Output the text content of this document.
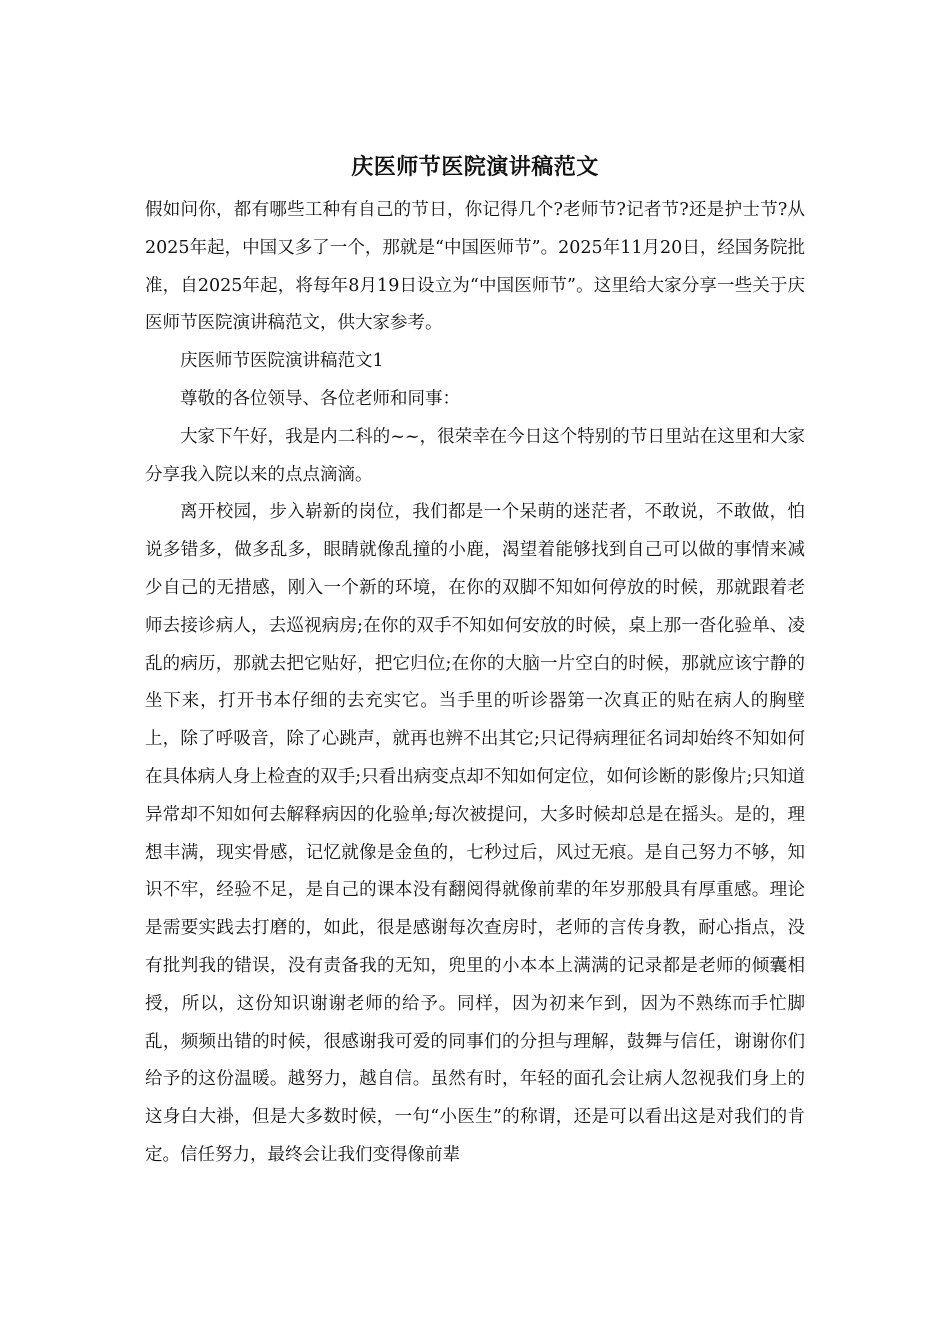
庆医师节医院演讲稿范文

假如问你，都有哪些工种有自己的节日，你记得几个?老师节?记者节?还是护士节?从2025年起，中国又多了一个，那就是“中国医师节”。2025年11月20日，经国务院批准，自2025年起，将每年8月19日设立为“中国医师节”。这里给大家分享一些关于庆医师节医院演讲稿范文，供大家参考。

庆医师节医院演讲稿范文1

尊敬的各位领导、各位老师和同事：

大家下午好，我是内二科的~~，很荣幸在今日这个特别的节日里站在这里和大家分享我入院以来的点点滴滴。

离开校园，步入崭新的岗位，我们都是一个呆萌的迷茫者，不敢说，不敢做，怕说多错多，做多乱多，眼睛就像乱撞的小鹿，渴望着能够找到自己可以做的事情来减少自己的无措感，刚入一个新的环境，在你的双脚不知如何停放的时候，那就跟着老师去接诊病人，去巡视病房;在你的双手不知如何安放的时候，桌上那一沓化验单、凌乱的病历，那就去把它贴好，把它归位;在你的大脑一片空白的时候，那就应该宁静的坐下来，打开书本仔细的去充实它。当手里的听诊器第一次真正的贴在病人的胸壁上，除了呼吸音，除了心跳声，就再也辨不出其它;只记得病理征名词却始终不知如何在具体病人身上检查的双手;只看出病变点却不知如何定位，如何诊断的影像片;只知道异常却不知如何去解释病因的化验单;每次被提问，大多时候却总是在摇头。是的，理想丰满，现实骨感，记忆就像是金鱼的，七秒过后，风过无痕。是自己努力不够，知识不牢，经验不足，是自己的课本没有翻阅得就像前辈的年岁那般具有厚重感。理论是需要实践去打磨的，如此，很是感谢每次查房时，老师的言传身教，耐心指点，没有批判我的错误，没有责备我的无知，兜里的小本本上满满的记录都是老师的倾囊相授，所以，这份知识谢谢老师的给予。同样，因为初来乍到，因为不熟练而手忙脚乱，频频出错的时候，很感谢我可爱的同事们的分担与理解，鼓舞与信任，谢谢你们给予的这份温暖。越努力，越自信。虽然有时，年轻的面孔会让病人忽视我们身上的这身白大褂，但是大多数时候，一句“小医生”的称谓，还是可以看出这是对我们的肯定。信任努力，最终会让我们变得像前辈
